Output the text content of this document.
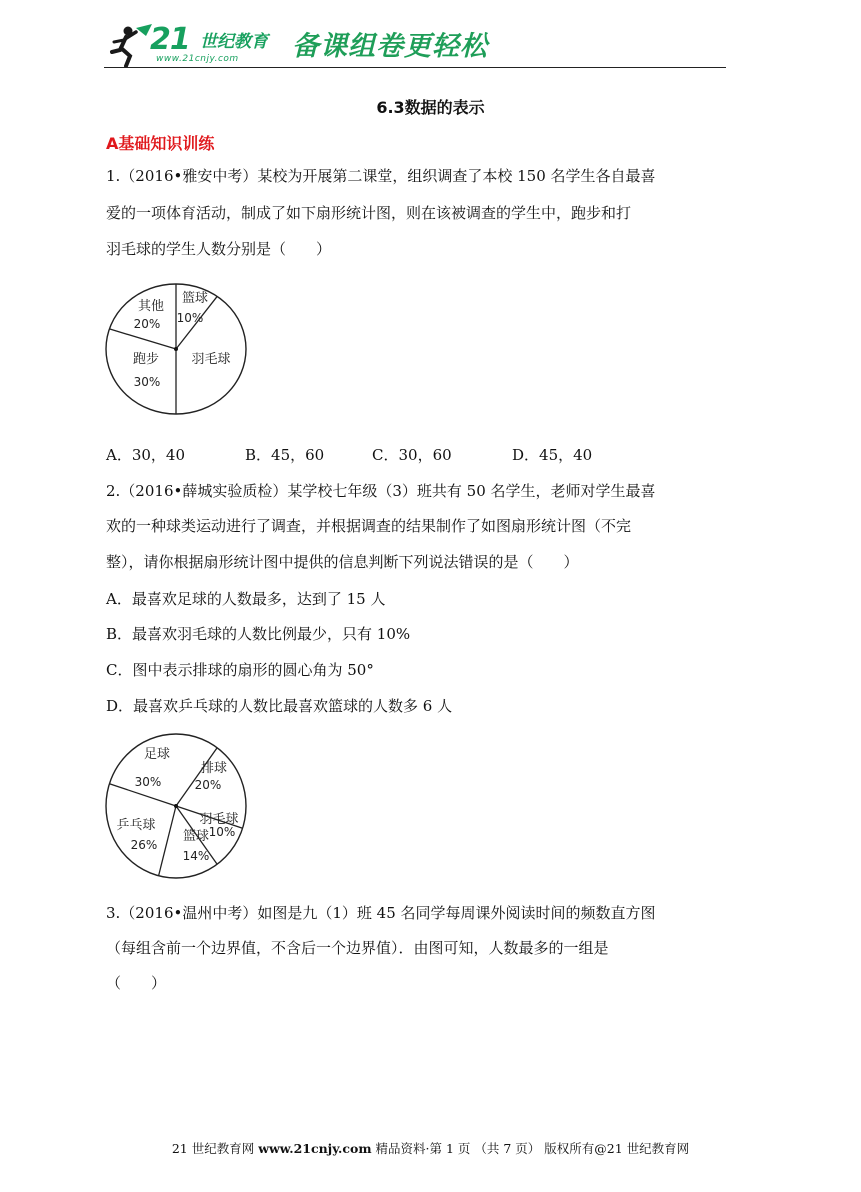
21 世纪教育
www.21cnjy.com 备课组卷更轻松
6.3数据的表示
A基础知识训练
1.（2016•雅安中考）某校为开展第二课堂，组织调查了本校 150 名学生各自最喜
爱的一项体育活动，制成了如下扇形统计图，则在该被调查的学生中，跑步和打
羽毛球的学生人数分别是（　　）
篮球
10%
羽毛球
跑步
30%
其他
20%
A．30，40	B．45，60	C．30，60	D．45，40
2.（2016•薛城实验质检）某学校七年级（3）班共有 50 名学生，老师对学生最喜
欢的一种球类运动进行了调查，并根据调查的结果制作了如图扇形统计图（不完
整），请你根据扇形统计图中提供的信息判断下列说法错误的是（　　）
A．最喜欢足球的人数最多，达到了 15 人
B．最喜欢羽毛球的人数比例最少，只有 10%
C．图中表示排球的扇形的圆心角为 50°
D．最喜欢乒乓球的人数比最喜欢篮球的人数多 6 人
足球
30%
排球
20%
羽毛球
10%
篮球
14%
乒乓球
26%
3.（2016•温州中考）如图是九（1）班 45 名同学每周课外阅读时间的频数直方图
（每组含前一个边界值，不含后一个边界值）．由图可知，人数最多的一组是
（　　）
21 世纪教育网 www.21cnjy.com 精品资料·第 1 页 （共 7 页） 版权所有@21 世纪教育网
